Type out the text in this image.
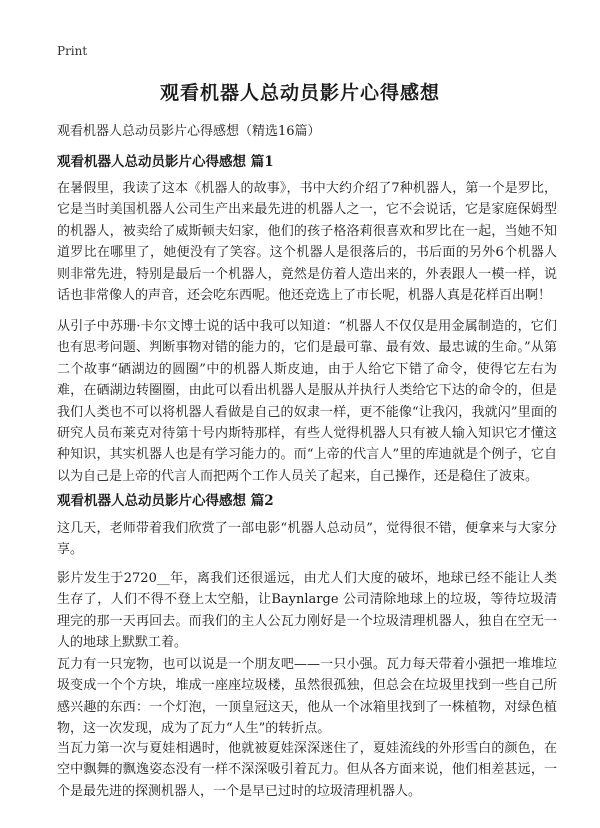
Print
观看机器人总动员影片心得感想

观看机器人总动员影片心得感想（精选16篇）

观看机器人总动员影片心得感想 篇1

在暑假里，我读了这本《机器人的故事》，书中大约介绍了7种机器人，第一个是罗比，它是当时美国机器人公司生产出来最先进的机器人之一，它不会说话，它是家庭保姆型的机器人，被卖给了威斯顿夫妇家，他们的孩子格洛莉很喜欢和罗比在一起，当她不知道罗比在哪里了，她便没有了笑容。这个机器人是很落后的，书后面的另外6个机器人则非常先进，特别是最后一个机器人，竟然是仿着人造出来的，外表跟人一模一样，说话也非常像人的声音，还会吃东西呢。他还竞选上了市长呢，机器人真是花样百出啊！

从引子中苏珊·卡尔文博士说的话中我可以知道：“机器人不仅仅是用金属制造的，它们也有思考问题、判断事物对错的能力的，它们是最可靠、最有效、最忠诚的生命。”从第二个故事“硒湖边的圆圈”中的机器人斯皮迪，由于人给它下错了命令，使得它左右为难，在硒湖边转圈圈，由此可以看出机器人是服从并执行人类给它下达的命令的，但是我们人类也不可以将机器人看做是自己的奴隶一样，更不能像“让我闪，我就闪”里面的研究人员布莱克对待第十号内斯特那样，有些人觉得机器人只有被人输入知识它才懂这种知识，其实机器人也是有学习能力的。而“上帝的代言人”里的库迪就是个例子，它自以为自己是上帝的代言人而把两个工作人员关了起来，自己操作，还是稳住了波束。

观看机器人总动员影片心得感想 篇2

这几天，老师带着我们欣赏了一部电影“机器人总动员”，觉得很不错，便拿来与大家分享。

影片发生于2720__年，离我们还很遥远，由尤人们大度的破坏，地球已经不能让人类生存了，人们不得不登上太空船，让Baynlarge 公司清除地球上的垃圾，等待垃圾清理完的那一天再回去。而我们的主人公瓦力刚好是一个垃圾清理机器人，独自在空无一人的地球上默默工着。

瓦力有一只宠物，也可以说是一个朋友吧——一只小强。瓦力每天带着小强把一堆堆垃圾变成一个个方块，堆成一座座垃圾楼，虽然很孤独，但总会在垃圾里找到一些自己所感兴趣的东西：一个灯泡，一顶皇冠这天，他从一个冰箱里找到了一株植物，对绿色植物，这一次发现，成为了瓦力“人生”的转折点。

当瓦力第一次与夏娃相遇时，他就被夏娃深深迷住了，夏娃流线的外形雪白的颜色，在空中飘舞的飘逸姿态没有一样不深深吸引着瓦力。但从各方面来说，他们相差甚远，一个是最先进的探测机器人，一个是早已过时的垃圾清理机器人。
